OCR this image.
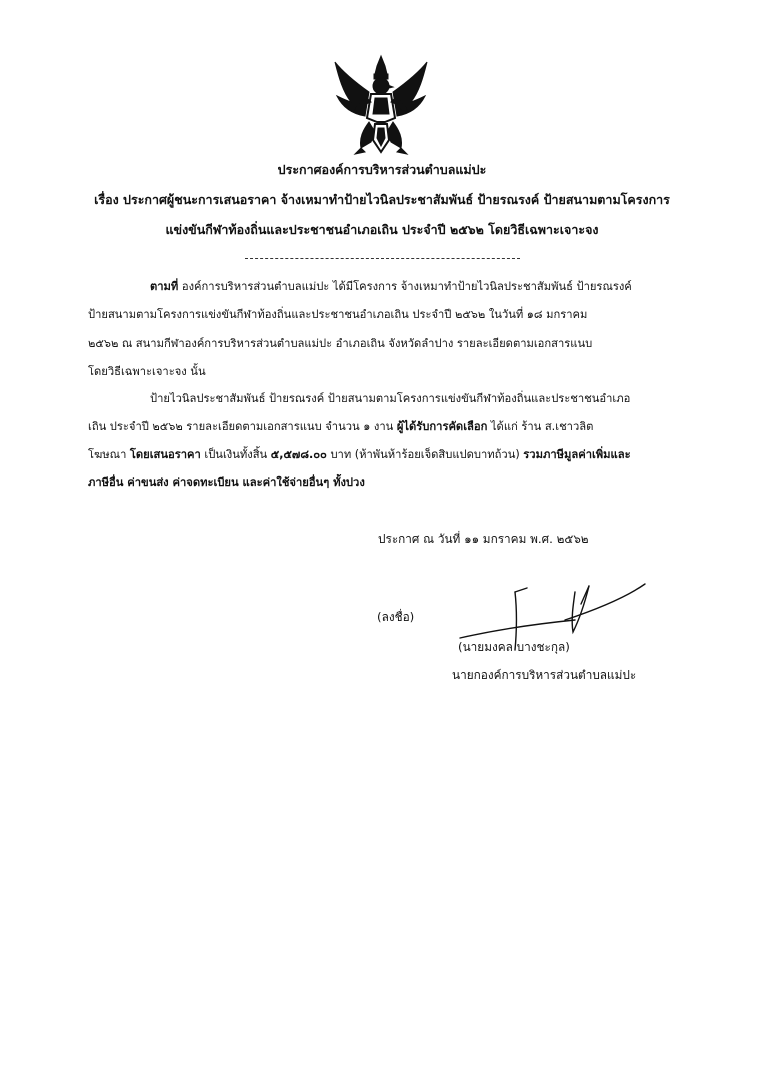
ประกาศองค์การบริหารส่วนตำบลแม่ปะ
เรื่อง ประกาศผู้ชนะการเสนอราคา จ้างเหมาทำป้ายไวนิลประชาสัมพันธ์ ป้ายรณรงค์ ป้ายสนามตามโครงการ
แข่งขันกีฬาท้องถิ่นและประชาชนอำเภอเถิน ประจำปี ๒๕๖๒ โดยวิธีเฉพาะเจาะจง
ตามที่ องค์การบริหารส่วนตำบลแม่ปะ ได้มีโครงการ จ้างเหมาทำป้ายไวนิลประชาสัมพันธ์ ป้ายรณรงค์
ป้ายสนามตามโครงการแข่งขันกีฬาท้องถิ่นและประชาชนอำเภอเถิน ประจำปี ๒๕๖๒ ในวันที่ ๑๘ มกราคม
๒๕๖๒ ณ สนามกีฬาองค์การบริหารส่วนตำบลแม่ปะ อำเภอเถิน จังหวัดลำปาง รายละเอียดตามเอกสารแนบ
โดยวิธีเฉพาะเจาะจง นั้น
ป้ายไวนิลประชาสัมพันธ์ ป้ายรณรงค์ ป้ายสนามตามโครงการแข่งขันกีฬาท้องถิ่นและประชาชนอำเภอ
เถิน ประจำปี ๒๕๖๒ รายละเอียดตามเอกสารแนบ จำนวน ๑ งาน ผู้ได้รับการคัดเลือก ได้แก่ ร้าน ส.เชาวลิต
โฆษณา โดยเสนอราคา เป็นเงินทั้งสิ้น ๕,๕๗๘.๐๐ บาท (ห้าพันห้าร้อยเจ็ดสิบแปดบาทถ้วน) รวมภาษีมูลค่าเพิ่มและ
ภาษีอื่น ค่าขนส่ง ค่าจดทะเบียน และค่าใช้จ่ายอื่นๆ ทั้งปวง
ประกาศ ณ วันที่ ๑๑ มกราคม พ.ศ. ๒๕๖๒
(ลงชื่อ)
(นายมงคล บางชะกุล)
นายกองค์การบริหารส่วนตำบลแม่ปะ
